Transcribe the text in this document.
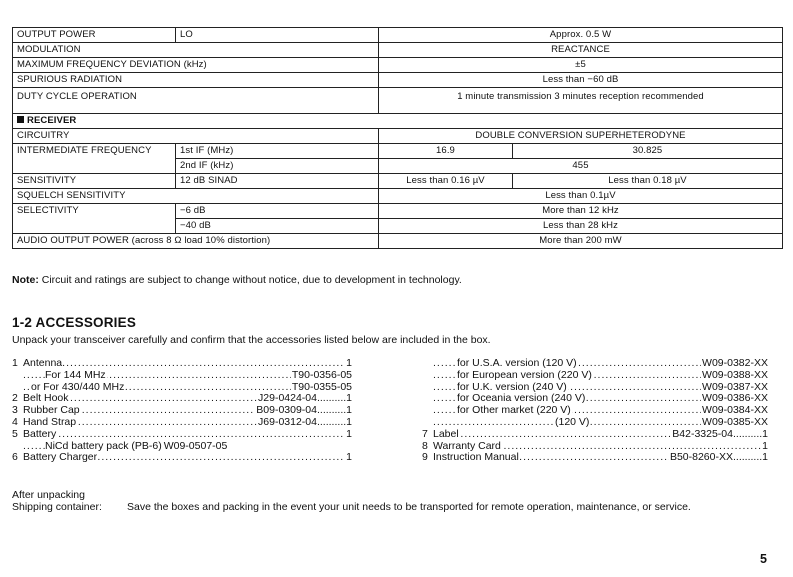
OUTPUT POWER	LO	Approx. 0.5 W	
MODULATION		REACTANCE	
MAXIMUM FREQUENCY DEVIATION (kHz)		±5	
SPURIOUS RADIATION		Less than −60 dB	
DUTY CYCLE OPERATION		1 minute transmission 3 minutes reception recommended	
RECEIVER			
CIRCUITRY		DOUBLE CONVERSION SUPERHETERODYNE	
INTERMEDIATE FREQUENCY	1st IF (MHz)	16.9	30.825
	2nd IF (kHz)	455	
SENSITIVITY	12 dB SINAD	Less than 0.16 µV	Less than 0.18 µV
SQUELCH SENSITIVITY		Less than 0.1µV	
SELECTIVITY	−6 dB	More than 12 kHz	
	−40 dB	Less than 28 kHz	
AUDIO OUTPUT POWER (across 8 Ω load 10% distortion)		More than 200 mW	
Note: Circuit and ratings are subject to change without notice, due to development in technology.
1-2 ACCESSORIES
Unpack your transceiver carefully and confirm that the accessories listed below are included in the box.
1 Antenna .....	1
For 144 MHz .....	T90-0356-05
or For 430/440 MHz .....	T90-0355-05
2 Belt Hook .....	J29-0424-04..........1
3 Rubber Cap .....	B09-0309-04..........1
4 Hand Strap .....	J69-0312-04..........1
5 Battery .....	1
NiCd battery pack (PB-6) ...... W09-0507-05
6 Battery Charger .....	1
for U.S.A. version (120 V) .....	W09-0382-XX
for European version (220 V) .....	W09-0388-XX
for U.K. version (240 V) .....	W09-0387-XX
for Oceania version (240 V) .....	W09-0386-XX
for Other market (220 V) .....	W09-0384-XX
(120 V) .....	W09-0385-XX
7 Label .....	B42-3325-04..........1
8 Warranty Card .....	1
9 Instruction Manual .....	B50-8260-XX..........1
After unpacking
Shipping container:	Save the boxes and packing in the event your unit needs to be transported for remote operation, maintenance, or service.
5
